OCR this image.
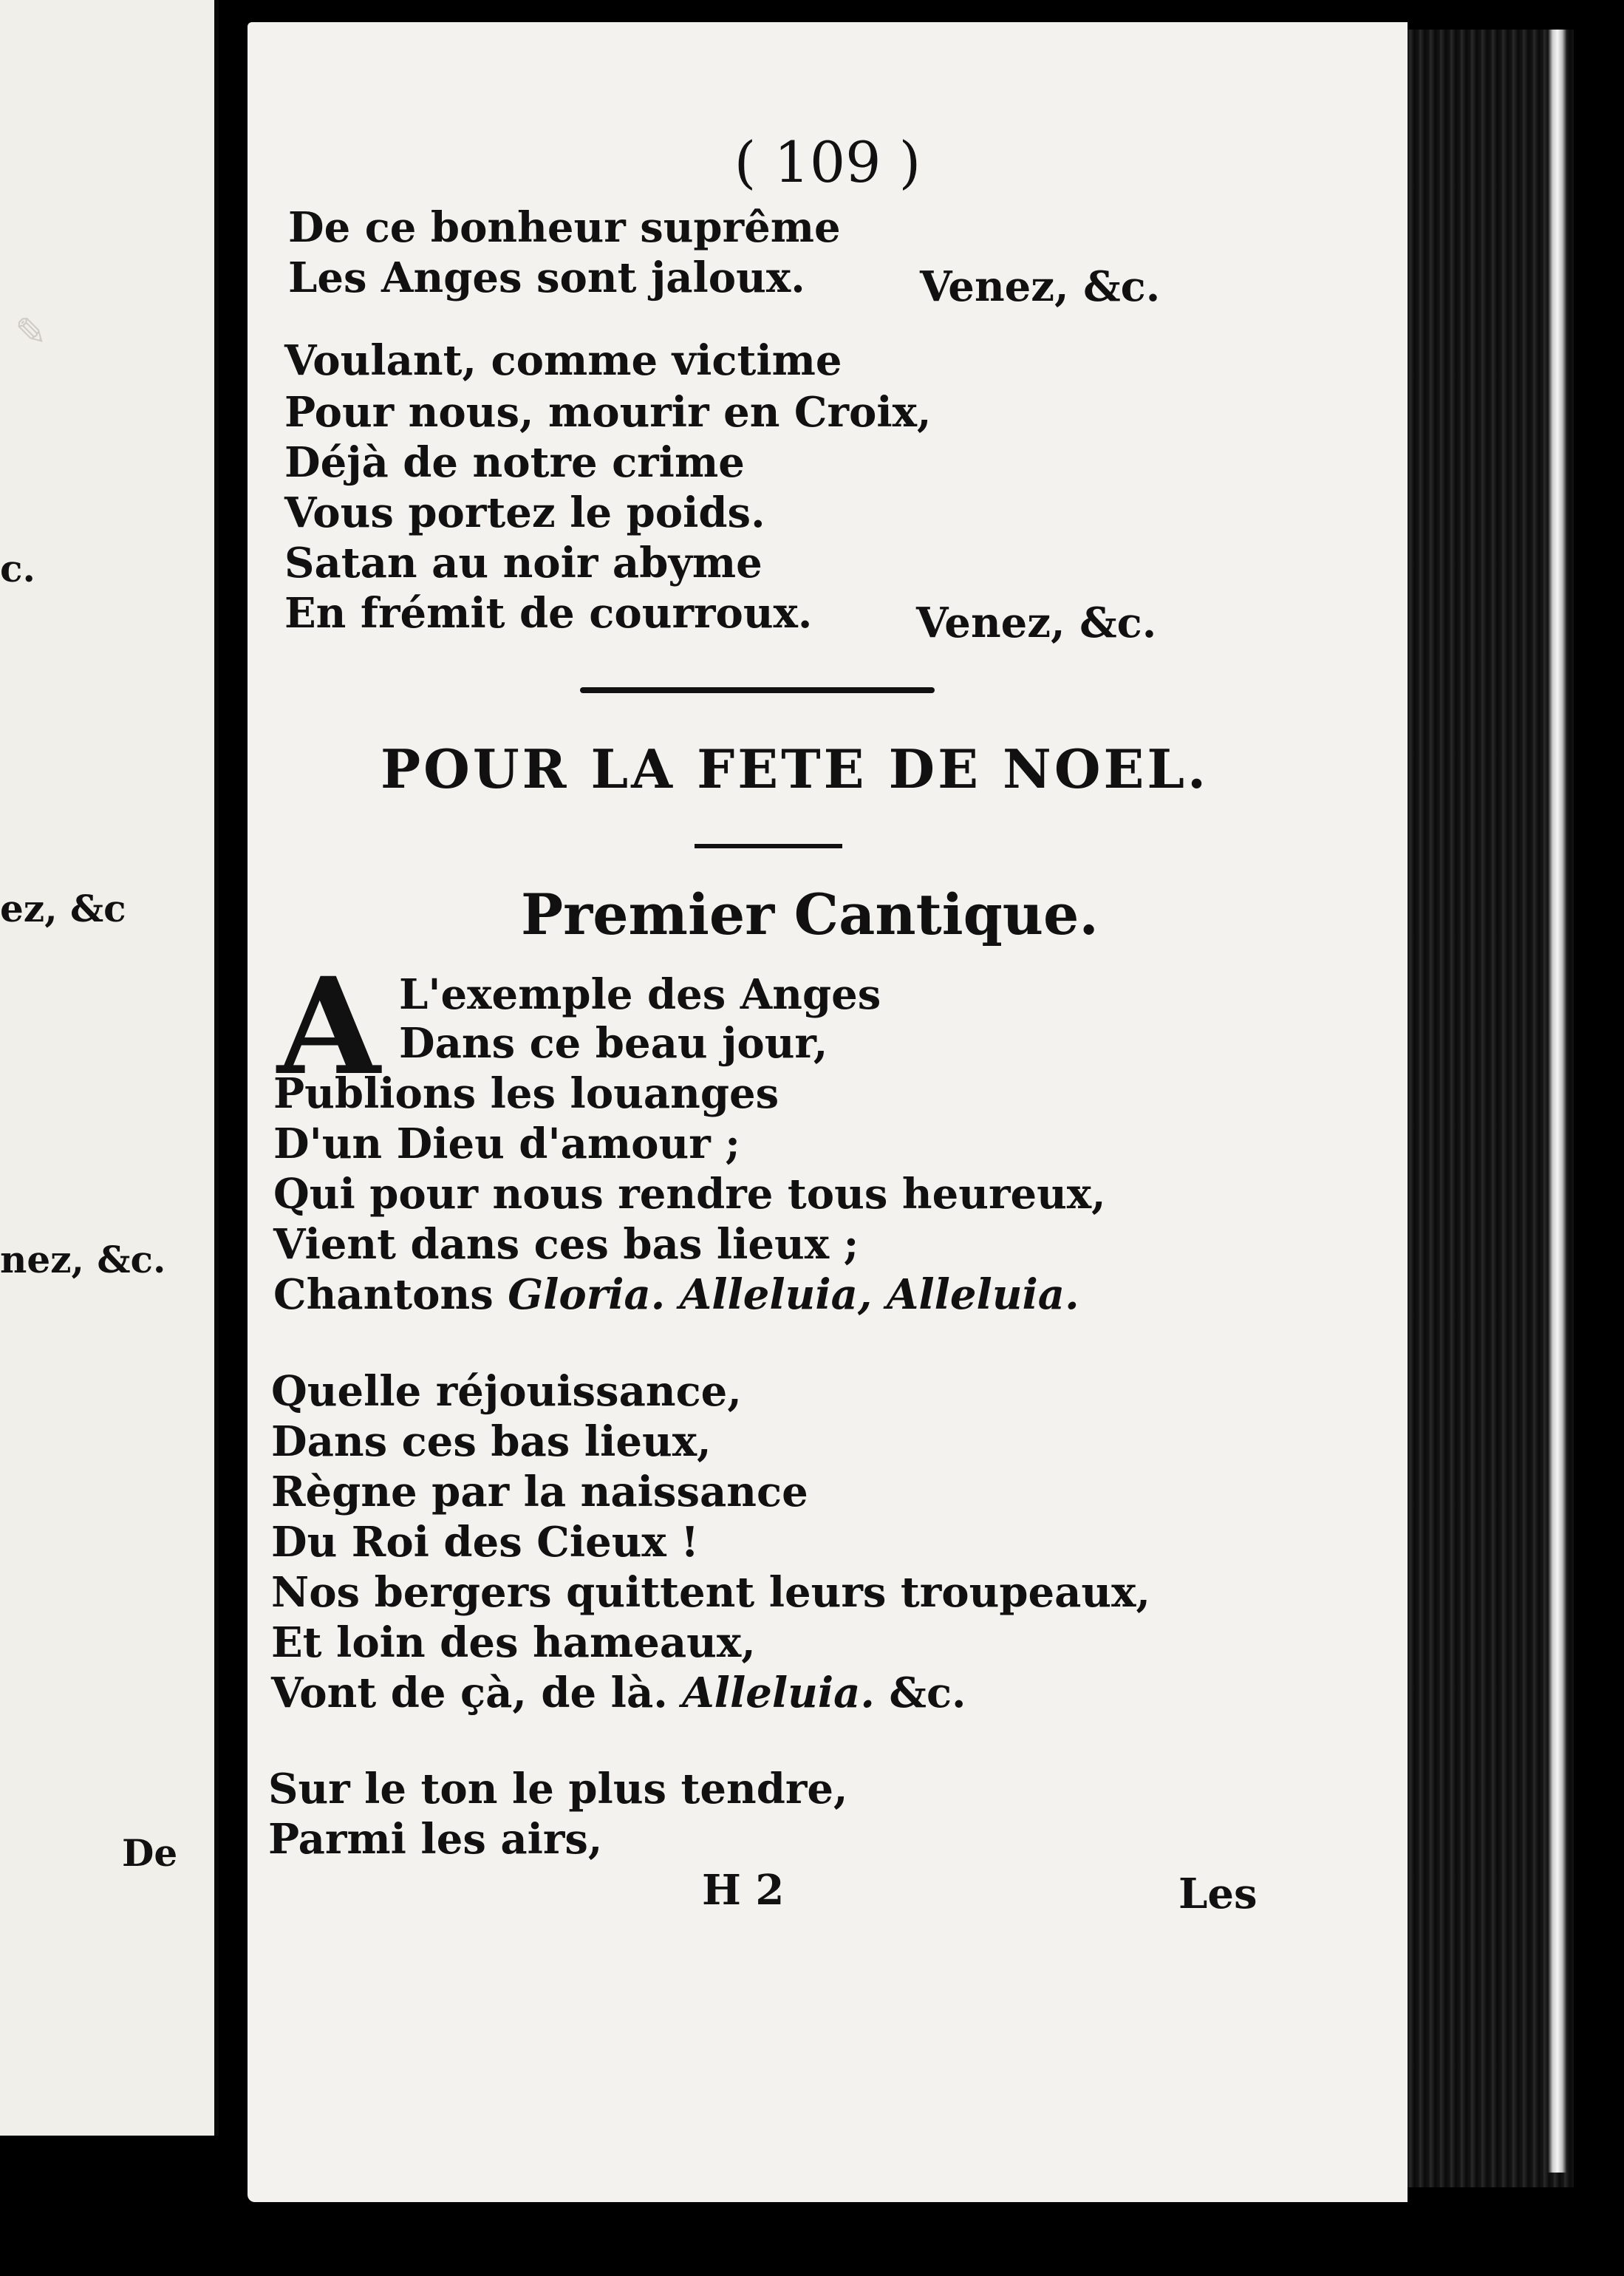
✎
c.
ez, &c
nez, &c.
De
( 109 )
De ce bonheur suprême
Les Anges sont jaloux.	Venez, &c.
Voulant, comme victime
Pour nous, mourir en Croix,
Déjà de notre crime
Vous portez le poids.
Satan au noir abyme
En frémit de courroux.	Venez, &c.
POUR LA FETE DE NOEL.
Premier Cantique.
A L'exemple des Anges
Dans ce beau jour,
Publions les louanges
D'un Dieu d'amour ;
Qui pour nous rendre tous heureux,
Vient dans ces bas lieux ;
Chantons Gloria. Alleluia, Alleluia.
Quelle réjouissance,
Dans ces bas lieux,
Règne par la naissance
Du Roi des Cieux !
Nos bergers quittent leurs troupeaux,
Et loin des hameaux,
Vont de çà, de là. Alleluia. &c.
Sur le ton le plus tendre,
Parmi les airs,
H 2	Les
